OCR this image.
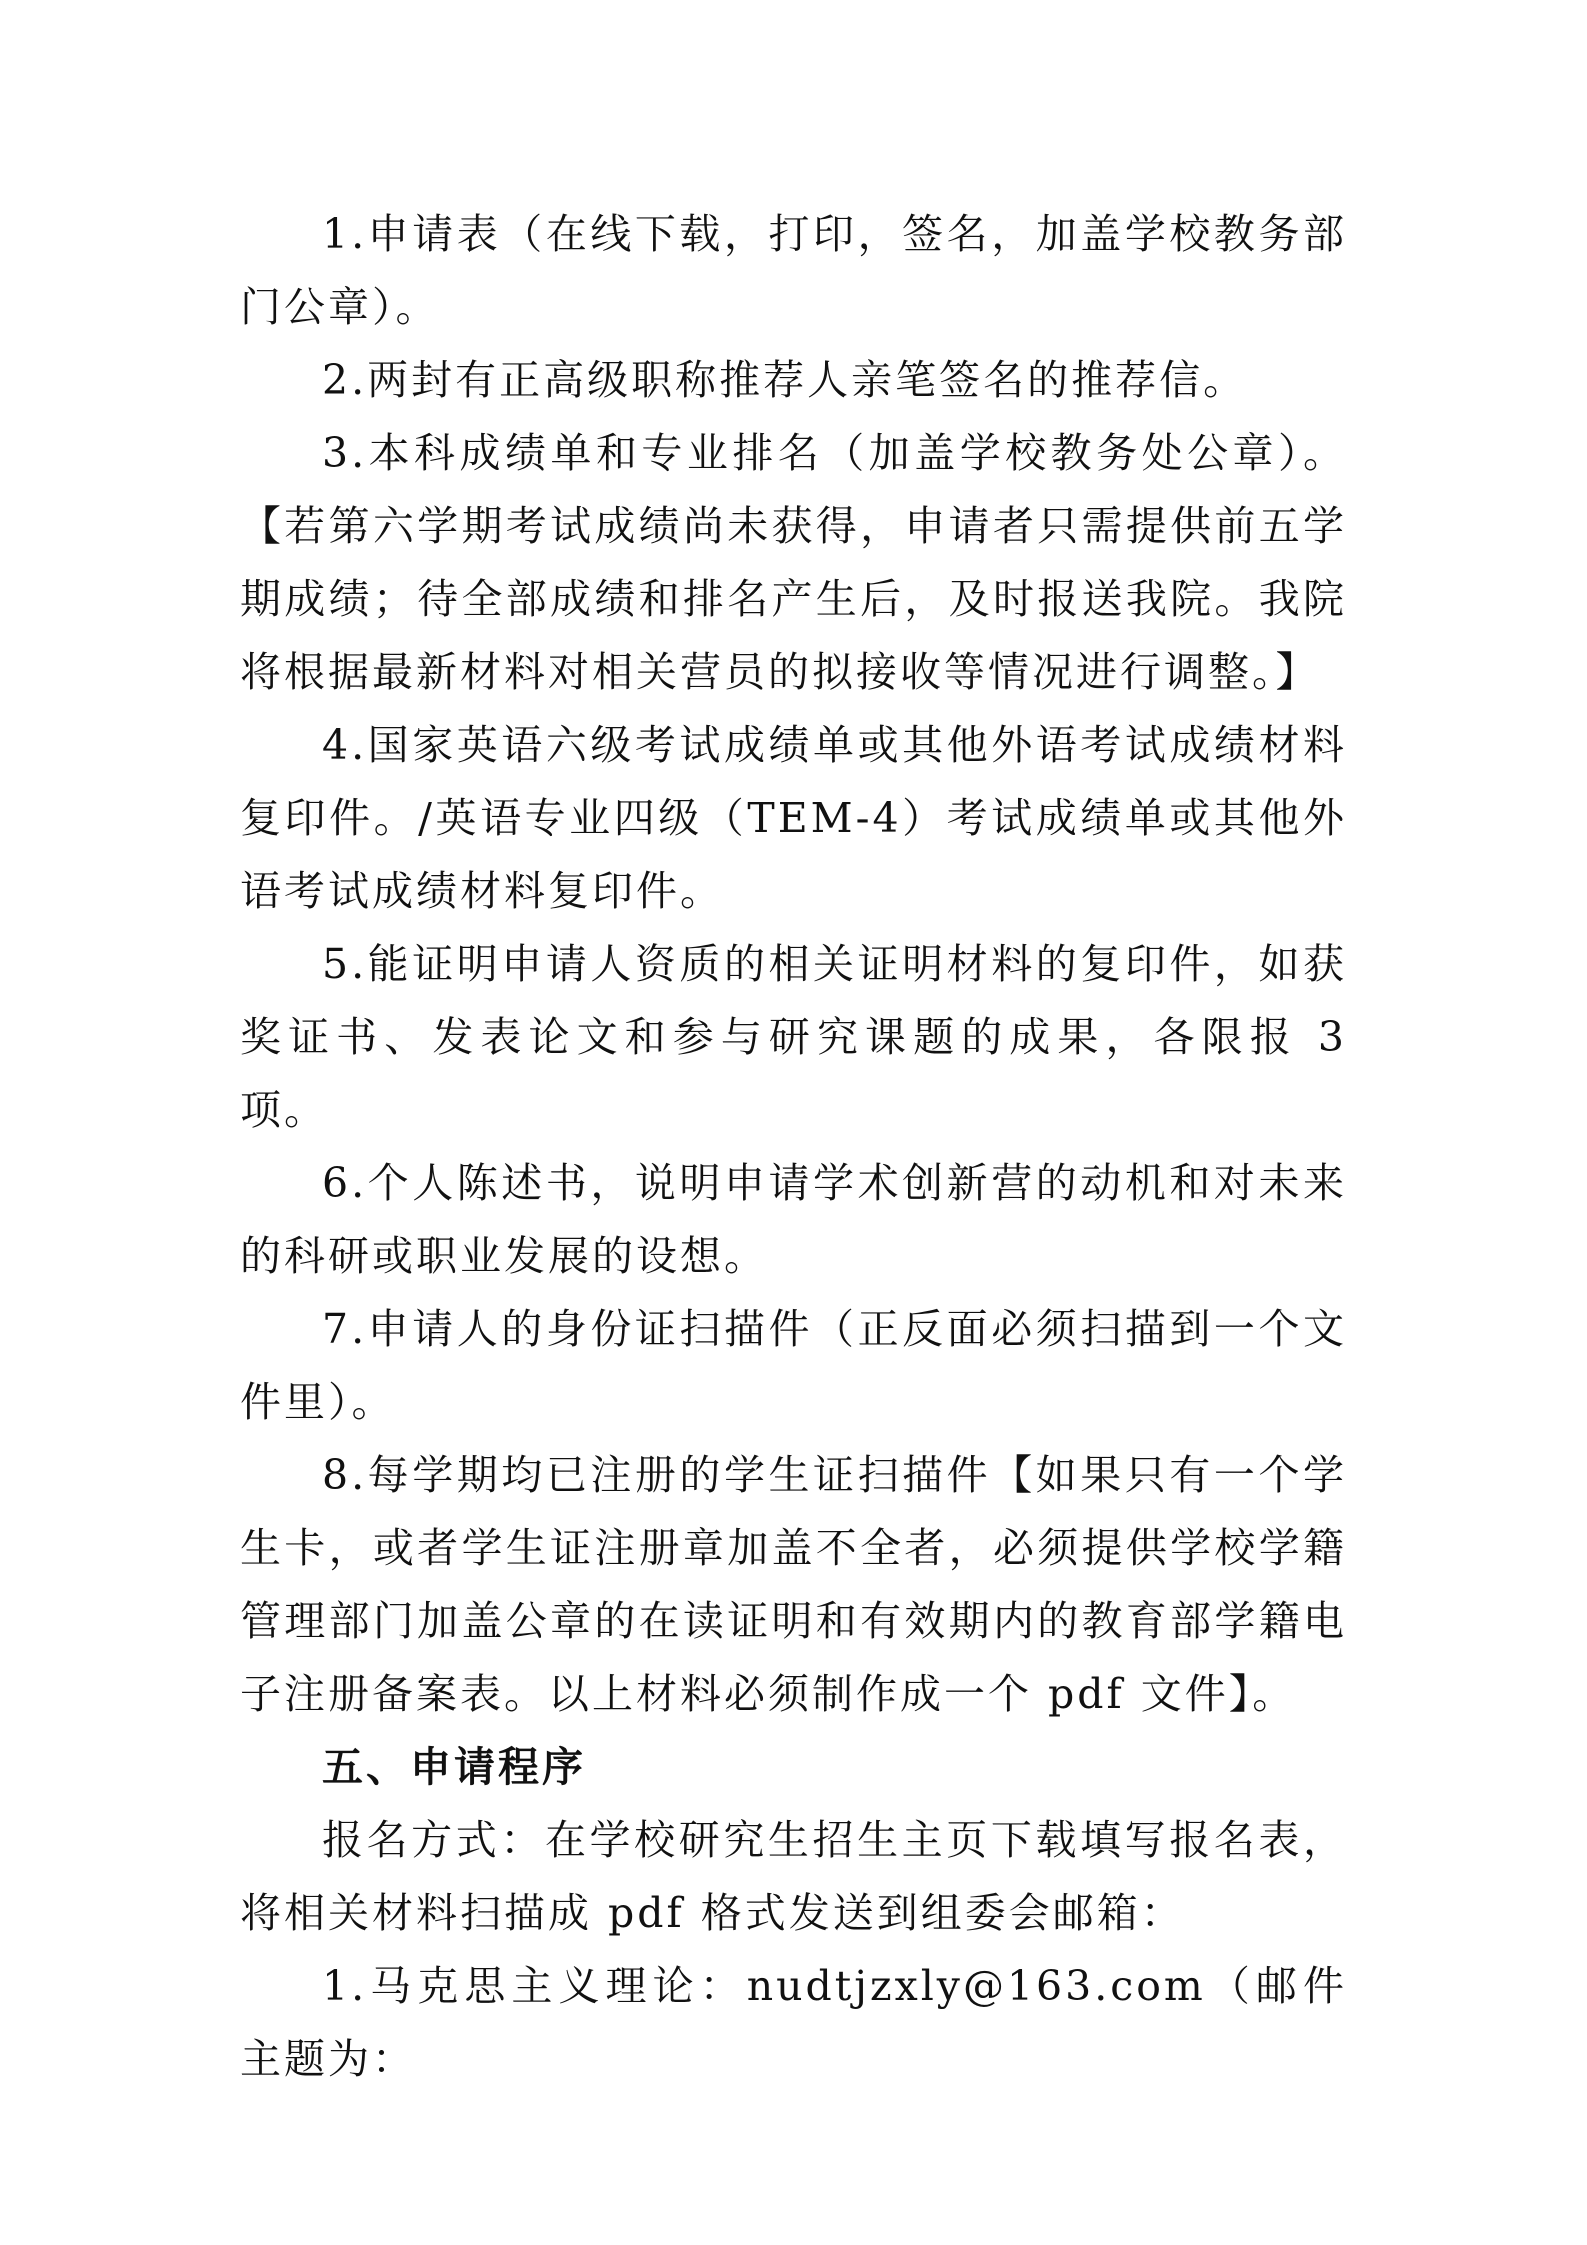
1.申请表（在线下载，打印，签名，加盖学校教务部门公章）。

2.两封有正高级职称推荐人亲笔签名的推荐信。

3.本科成绩单和专业排名（加盖学校教务处公章）。【若第六学期考试成绩尚未获得，申请者只需提供前五学期成绩；待全部成绩和排名产生后，及时报送我院。我院将根据最新材料对相关营员的拟接收等情况进行调整。】

4.国家英语六级考试成绩单或其他外语考试成绩材料复印件。/英语专业四级（TEM-4）考试成绩单或其他外语考试成绩材料复印件。

5.能证明申请人资质的相关证明材料的复印件，如获奖证书、发表论文和参与研究课题的成果，各限报 3 项。

6.个人陈述书，说明申请学术创新营的动机和对未来的科研或职业发展的设想。

7.申请人的身份证扫描件（正反面必须扫描到一个文件里）。

8.每学期均已注册的学生证扫描件【如果只有一个学生卡，或者学生证注册章加盖不全者，必须提供学校学籍管理部门加盖公章的在读证明和有效期内的教育部学籍电子注册备案表。以上材料必须制作成一个 pdf 文件】。

五、申请程序

报名方式：在学校研究生招生主页下载填写报名表，将相关材料扫描成 pdf 格式发送到组委会邮箱：

1.马克思主义理论：nudtjzxly@163.com（邮件主题为：
